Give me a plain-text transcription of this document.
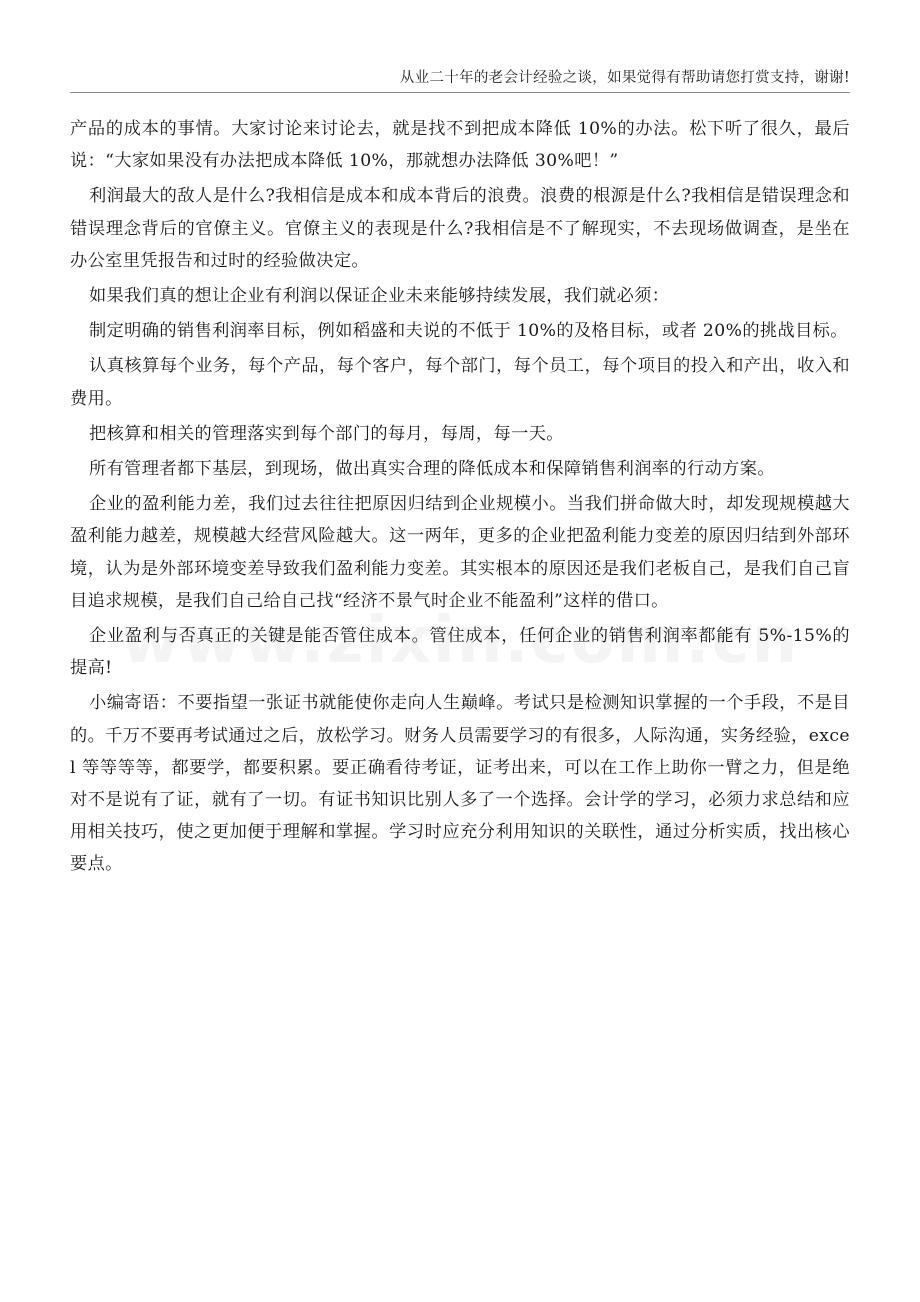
从业二十年的老会计经验之谈，如果觉得有帮助请您打赏支持，谢谢!

产品的成本的事情。大家讨论来讨论去，就是找不到把成本降低 10%的办法。松下听了很久，最后说：“大家如果没有办法把成本降低 10%，那就想办法降低 30%吧！”

利润最大的敌人是什么?我相信是成本和成本背后的浪费。浪费的根源是什么?我相信是错误理念和错误理念背后的官僚主义。官僚主义的表现是什么?我相信是不了解现实，不去现场做调查，是坐在办公室里凭报告和过时的经验做决定。

如果我们真的想让企业有利润以保证企业未来能够持续发展，我们就必须：

制定明确的销售利润率目标，例如稻盛和夫说的不低于 10%的及格目标，或者 20%的挑战目标。

认真核算每个业务，每个产品，每个客户，每个部门，每个员工，每个项目的投入和产出，收入和费用。

把核算和相关的管理落实到每个部门的每月，每周，每一天。

所有管理者都下基层，到现场，做出真实合理的降低成本和保障销售利润率的行动方案。

企业的盈利能力差，我们过去往往把原因归结到企业规模小。当我们拼命做大时，却发现规模越大盈利能力越差，规模越大经营风险越大。这一两年，更多的企业把盈利能力变差的原因归结到外部环境，认为是外部环境变差导致我们盈利能力变差。其实根本的原因还是我们老板自己，是我们自己盲目追求规模，是我们自己给自己找“经济不景气时企业不能盈利”这样的借口。

企业盈利与否真正的关键是能否管住成本。管住成本，任何企业的销售利润率都能有 5%-15%的提高!

小编寄语：不要指望一张证书就能使你走向人生巅峰。考试只是检测知识掌握的一个手段，不是目的。千万不要再考试通过之后，放松学习。财务人员需要学习的有很多，人际沟通，实务经验，excel 等等等等，都要学，都要积累。要正确看待考证，证考出来，可以在工作上助你一臂之力，但是绝对不是说有了证，就有了一切。有证书知识比别人多了一个选择。会计学的学习，必须力求总结和应用相关技巧，使之更加便于理解和掌握。学习时应充分利用知识的关联性，通过分析实质，找出核心要点。
